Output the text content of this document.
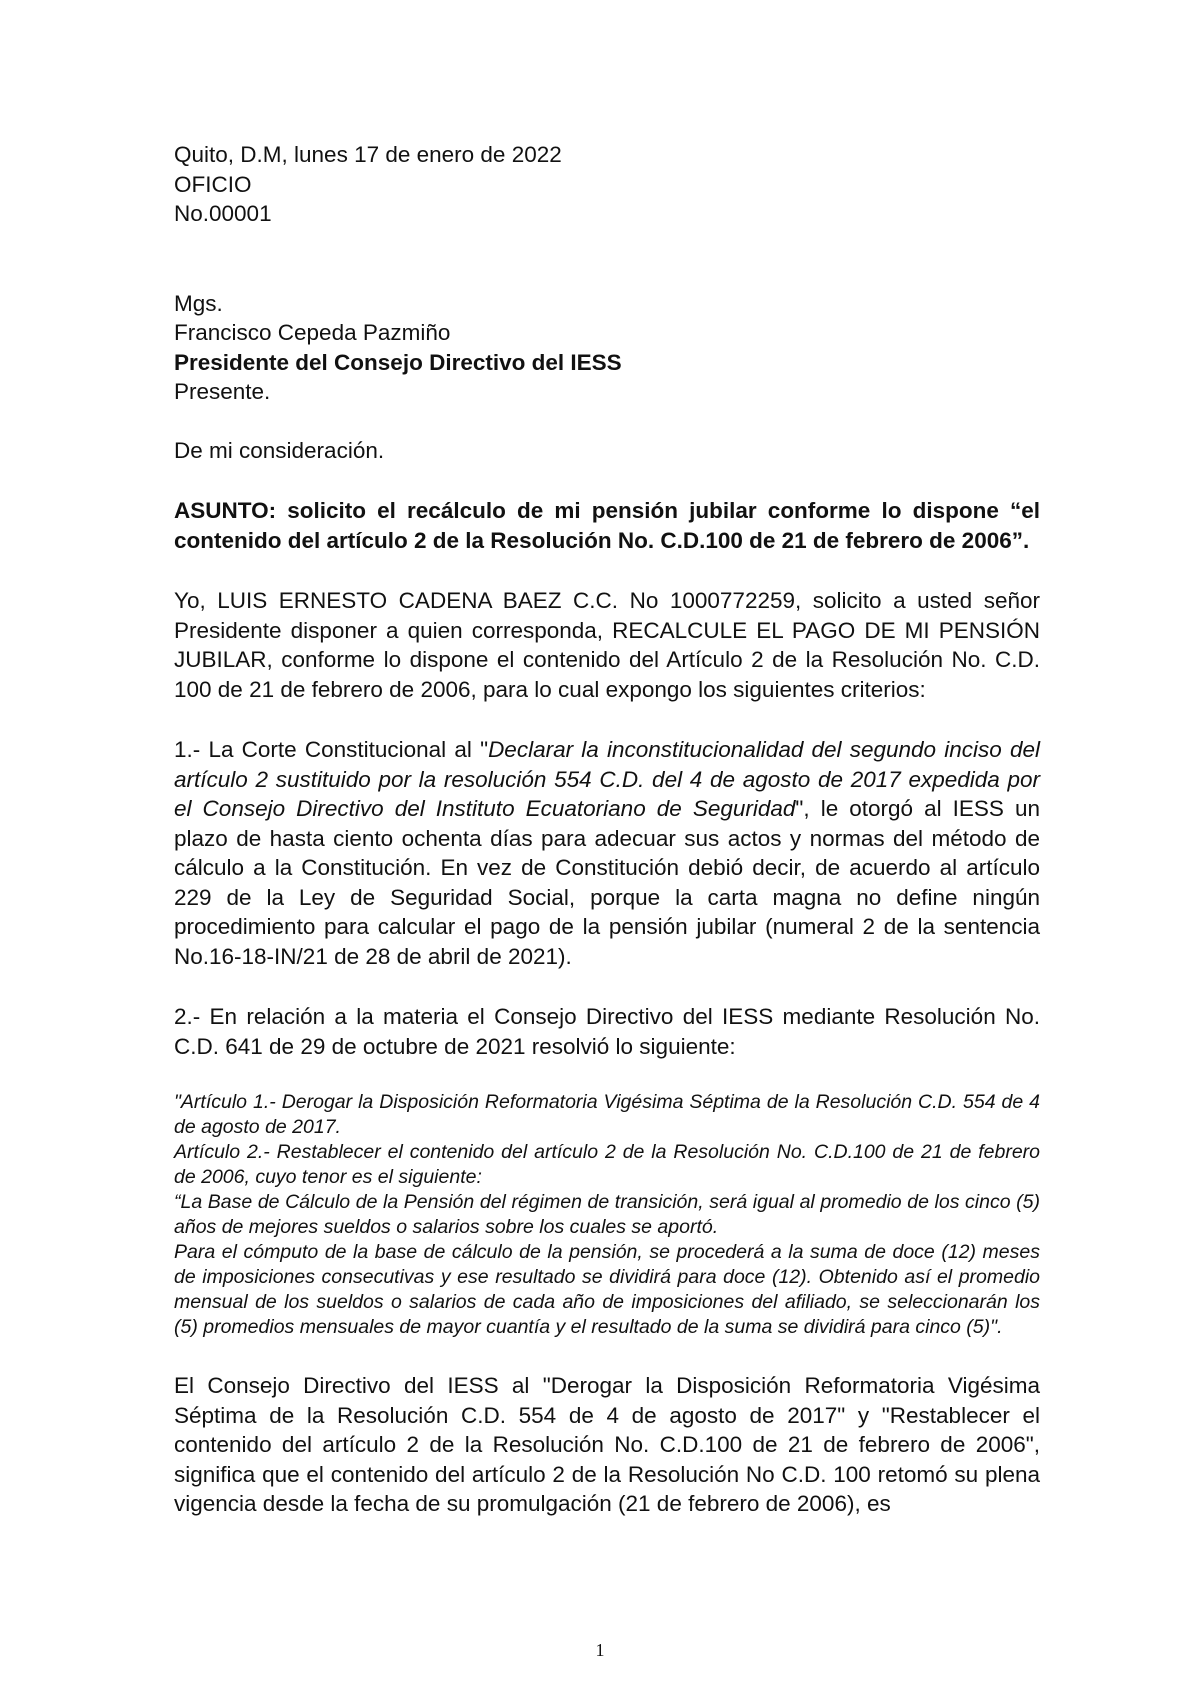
Quito, D.M, lunes 17 de enero de 2022
OFICIO
No.00001
Mgs.
Francisco Cepeda Pazmiño
Presidente del Consejo Directivo del IESS
Presente.

De mi consideración.

ASUNTO: solicito el recálculo de mi pensión jubilar conforme lo dispone “el contenido del artículo 2 de la Resolución No. C.D.100 de 21 de febrero de 2006”.

Yo, LUIS ERNESTO CADENA BAEZ C.C. No 1000772259, solicito a usted señor Presidente disponer a quien corresponda, RECALCULE EL PAGO DE MI PENSIÓN JUBILAR, conforme lo dispone el contenido del Artículo 2 de la Resolución No. C.D. 100 de 21 de febrero de 2006, para lo cual expongo los siguientes criterios:

1.- La Corte Constitucional al "Declarar la inconstitucionalidad del segundo inciso del artículo 2 sustituido por la resolución 554 C.D. del 4 de agosto de 2017 expedida por el Consejo Directivo del Instituto Ecuatoriano de Seguridad", le otorgó al IESS un plazo de hasta ciento ochenta días para adecuar sus actos y normas del método de cálculo a la Constitución. En vez de Constitución debió decir, de acuerdo al artículo 229 de la Ley de Seguridad Social, porque la carta magna no define ningún procedimiento para calcular el pago de la pensión jubilar (numeral 2 de la sentencia No.16-18-IN/21 de 28 de abril de 2021).

2.- En relación a la materia el Consejo Directivo del IESS mediante Resolución No. C.D. 641 de 29 de octubre de 2021 resolvió lo siguiente:

"Artículo 1.- Derogar la Disposición Reformatoria Vigésima Séptima de la Resolución C.D. 554 de 4 de agosto de 2017.

Artículo 2.- Restablecer el contenido del artículo 2 de la Resolución No. C.D.100 de 21 de febrero de 2006, cuyo tenor es el siguiente:

“La Base de Cálculo de la Pensión del régimen de transición, será igual al promedio de los cinco (5) años de mejores sueldos o salarios sobre los cuales se aportó.

Para el cómputo de la base de cálculo de la pensión, se procederá a la suma de doce (12) meses de imposiciones consecutivas y ese resultado se dividirá para doce (12). Obtenido así el promedio mensual de los sueldos o salarios de cada año de imposiciones del afiliado, se seleccionarán los (5) promedios mensuales de mayor cuantía y el resultado de la suma se dividirá para cinco (5)".

El Consejo Directivo del IESS al "Derogar la Disposición Reformatoria Vigésima Séptima de la Resolución C.D. 554 de 4 de agosto de 2017" y "Restablecer el contenido del artículo 2 de la Resolución No. C.D.100 de 21 de febrero de 2006", significa que el contenido del artículo 2 de la Resolución No C.D. 100 retomó su plena vigencia desde la fecha de su promulgación (21 de febrero de 2006), es

1
